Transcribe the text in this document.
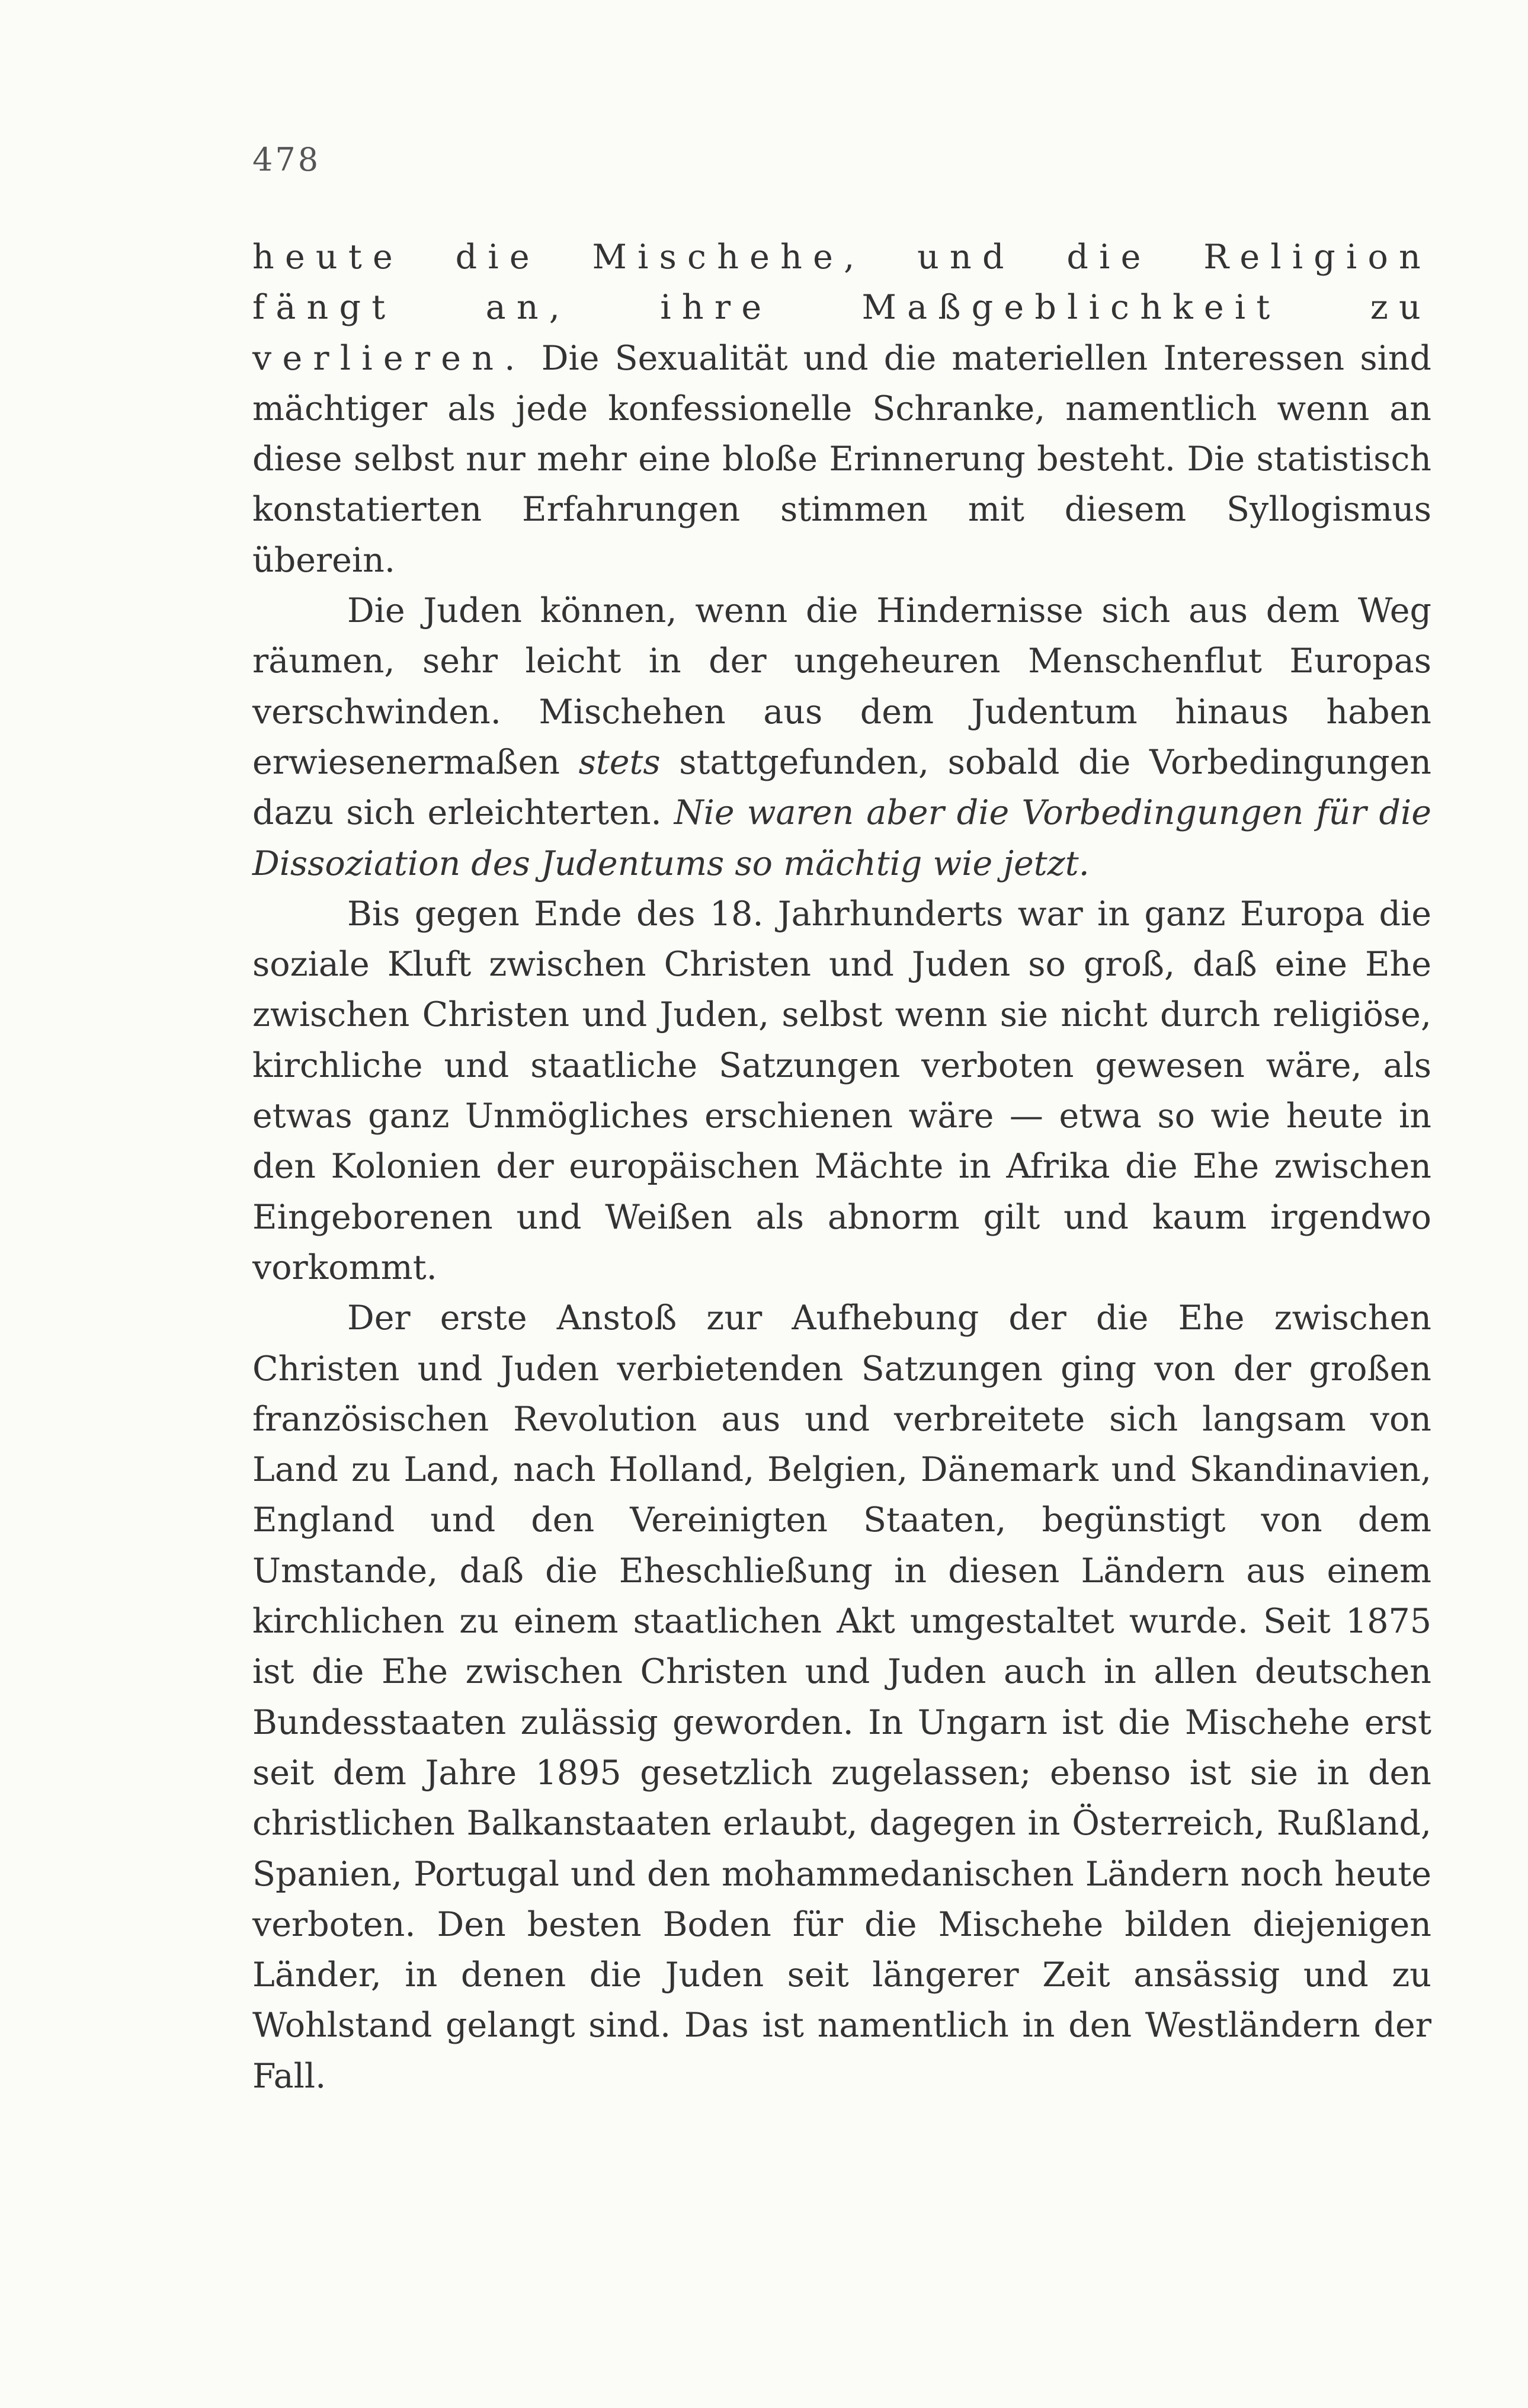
478

heute die Mischehe, und die Religion fängt an, ihre Maßgeblichkeit zu verlieren. Die Sexualität und die materiellen Interessen sind mächtiger als jede konfessionelle Schranke, namentlich wenn an diese selbst nur mehr eine bloße Erinnerung besteht. Die statistisch konstatierten Erfahrungen stimmen mit diesem Syllogismus überein.

Die Juden können, wenn die Hindernisse sich aus dem Weg räumen, sehr leicht in der ungeheuren Menschenflut Europas verschwinden. Mischehen aus dem Judentum hinaus haben erwiesenermaßen stets stattgefunden, sobald die Vorbedingungen dazu sich erleichterten. Nie waren aber die Vorbedingungen für die Dissoziation des Judentums so mächtig wie jetzt.

Bis gegen Ende des 18. Jahrhunderts war in ganz Europa die soziale Kluft zwischen Christen und Juden so groß, daß eine Ehe zwischen Christen und Juden, selbst wenn sie nicht durch religiöse, kirchliche und staatliche Satzungen verboten gewesen wäre, als etwas ganz Unmögliches erschienen wäre — etwa so wie heute in den Kolonien der europäischen Mächte in Afrika die Ehe zwischen Eingeborenen und Weißen als abnorm gilt und kaum irgendwo vorkommt.

Der erste Anstoß zur Aufhebung der die Ehe zwischen Christen und Juden verbietenden Satzungen ging von der großen französischen Revolution aus und verbreitete sich langsam von Land zu Land, nach Holland, Belgien, Dänemark und Skandinavien, England und den Vereinigten Staaten, begünstigt von dem Umstande, daß die Eheschließung in diesen Ländern aus einem kirchlichen zu einem staatlichen Akt umgestaltet wurde. Seit 1875 ist die Ehe zwischen Christen und Juden auch in allen deutschen Bundesstaaten zulässig geworden. In Ungarn ist die Mischehe erst seit dem Jahre 1895 gesetzlich zugelassen; ebenso ist sie in den christlichen Balkanstaaten erlaubt, dagegen in Österreich, Rußland, Spanien, Portugal und den mohammedanischen Ländern noch heute verboten. Den besten Boden für die Mischehe bilden diejenigen Länder, in denen die Juden seit längerer Zeit ansässig und zu Wohlstand gelangt sind. Das ist namentlich in den Westländern der Fall.
